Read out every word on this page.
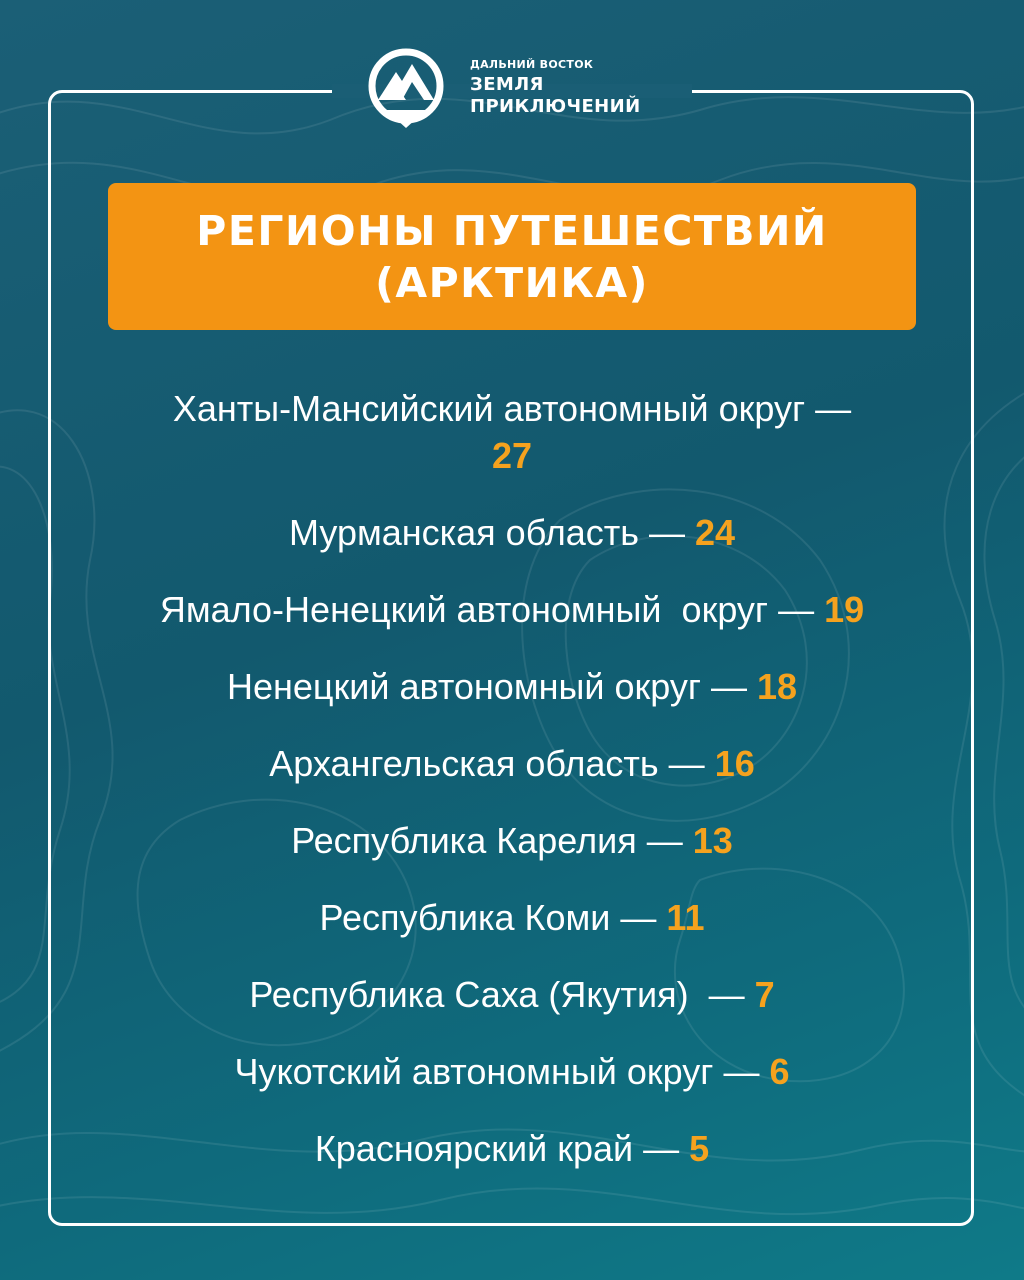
ДАЛЬНИЙ ВОСТОК
ЗЕМЛЯ
ПРИКЛЮЧЕНИЙ
РЕГИОНЫ ПУТЕШЕСТВИЙ
(АРКТИКА)
Ханты-Мансийский автономный округ — 27
Мурманская область — 24
Ямало-Ненецкий автономный  округ — 19
Ненецкий автономный округ — 18
Архангельская область — 16
Республика Карелия — 13
Республика Коми — 11
Республика Саха (Якутия)  — 7
Чукотский автономный округ — 6
Красноярский край — 5
